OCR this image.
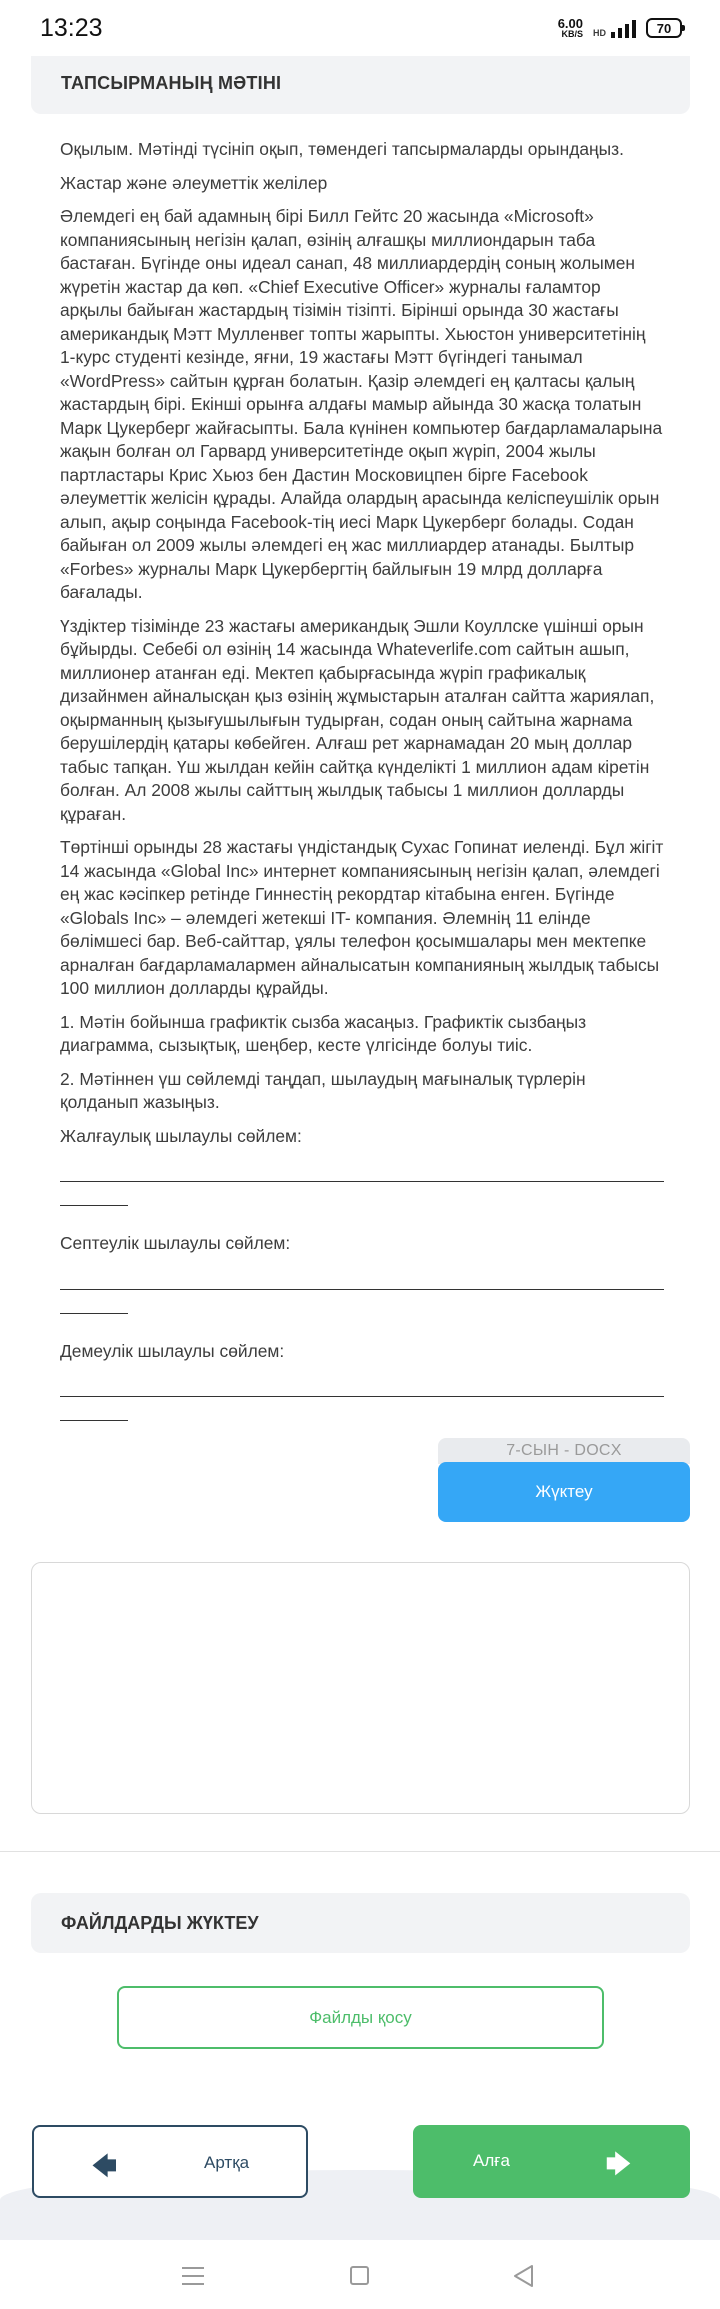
13:23	6.00
KB/S HD	70
ТАПСЫРМАНЫҢ МӘТІНІ

Оқылым. Мәтінді түсініп оқып, төмендегі тапсырмаларды орындаңыз.

Жастар және әлеуметтік желілер

Әлемдегі ең бай адамның бірі Билл Гейтс 20 жасында «Microsoft» компаниясының негізін қалап, өзінің алғашқы миллиондарын таба бастаған. Бүгінде оны идеал санап, 48 миллиардердің соның жолымен жүретін жастар да көп. «Chief Executive Officer» журналы ғаламтор арқылы байыған жастардың тізімін тізіпті. Бірінші орында 30 жастағы американдық Мэтт Мулленвег топты жарыпты. Хьюстон университетінің 1-курс студенті кезінде, яғни, 19 жастағы Мэтт бүгіндегі танымал «WordPress» сайтын құрған болатын. Қазір әлемдегі ең қалтасы қалың жастардың бірі. Екінші орынға алдағы мамыр айында 30 жасқа толатын Марк Цукерберг жайғасыпты. Бала күнінен компьютер бағдарламаларына жақын болған ол Гарвард университетінде оқып жүріп, 2004 жылы партластары Крис Хьюз бен Дастин Московицпен бірге Facebook әлеуметтік желісін құрады. Алайда олардың арасында келіспеушілік орын алып, ақыр соңында Facebook-тің иесі Марк Цукерберг болады. Содан байыған ол 2009 жылы әлемдегі ең жас миллиардер атанады. Былтыр «Forbes» журналы Марк Цукербергтің байлығын 19 млрд долларға бағалады.

Үздіктер тізімінде 23 жастағы американдық Эшли Коуллске үшінші орын бұйырды. Себебі ол өзінің 14 жасында Whateverlife.com сайтын ашып, миллионер атанған еді. Мектеп қабырғасында жүріп графикалық дизайнмен айналысқан қыз өзінің жұмыстарын аталған сайтта жариялап, оқырманның қызығушылығын тудырған, содан оның сайтына жарнама берушілердің қатары көбейген. Алғаш рет жарнамадан 20 мың доллар табыс тапқан. Үш жылдан кейін сайтқа күнделікті 1 миллион адам кіретін болған. Ал 2008 жылы сайттың жылдық табысы 1 миллион долларды құраған.

Төртінші орынды 28 жастағы үндістандық Сухас Гопинат иеленді. Бұл жігіт 14 жасында «Global Inc» интернет компаниясының негізін қалап, әлемдегі ең жас кәсіпкер ретінде Гиннестің рекордтар кітабына енген. Бүгінде «Globals Inc» – әлемдегі жетекші IT- компания. Әлемнің 11 елінде бөлімшесі бар. Веб-сайттар, ұялы телефон қосымшалары мен мектепке арналған бағдарламалармен айналысатын компанияның жылдық табысы 100 миллион долларды құрайды.

1. Мәтін бойынша графиктік сызба жасаңыз. Графиктік сызбаңыз диаграмма, сызықтық, шеңбер, кесте үлгісінде болуы тиіс.

2. Мәтіннен үш сөйлемді таңдап, шылаудың мағыналық түрлерін қолданып жазыңыз.

Жалғаулық шылаулы сөйлем:

Септеулік шылаулы сөйлем:

Демеулік шылаулы сөйлем:

7-СЫН - DOCX
Жүктеу
ФАЙЛДАРДЫ ЖҮКТЕУ
Файлды қосу
🡄	Артқа	Алға	🡆
